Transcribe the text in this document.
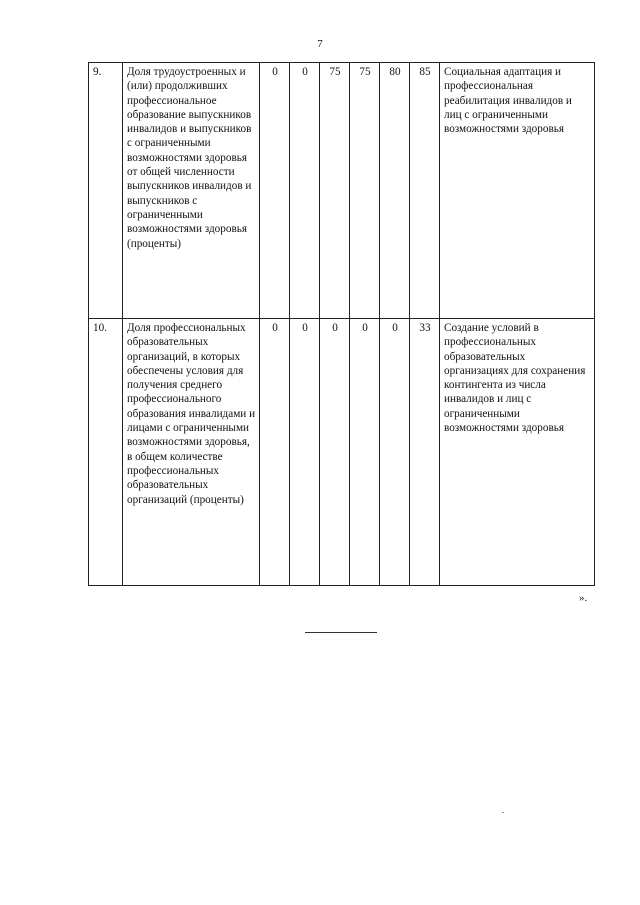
7
9.	Доля трудоустроенных и (или) продолживших профессиональное образование выпускников инвалидов и выпускников с ограниченными возможностями здоровья от общей численности выпускников инвалидов и выпускников с ограниченными возможностями здоровья (проценты)	0	0	75	75	80	85	Социальная адаптация и профессиональная реабилитация инвалидов и лиц с ограниченными возможностями здоровья
10.	Доля профессиональных образовательных организаций, в которых обеспечены условия для получения среднего профессионального образования инвалидами и лицами с ограниченными возможностями здоровья, в общем количестве профессиональных образовательных организаций (проценты)	0	0	0	0	0	33	Создание условий в профессиональных образовательных организациях для сохранения контингента из числа инвалидов и лиц с ограниченными возможностями здоровья
».
